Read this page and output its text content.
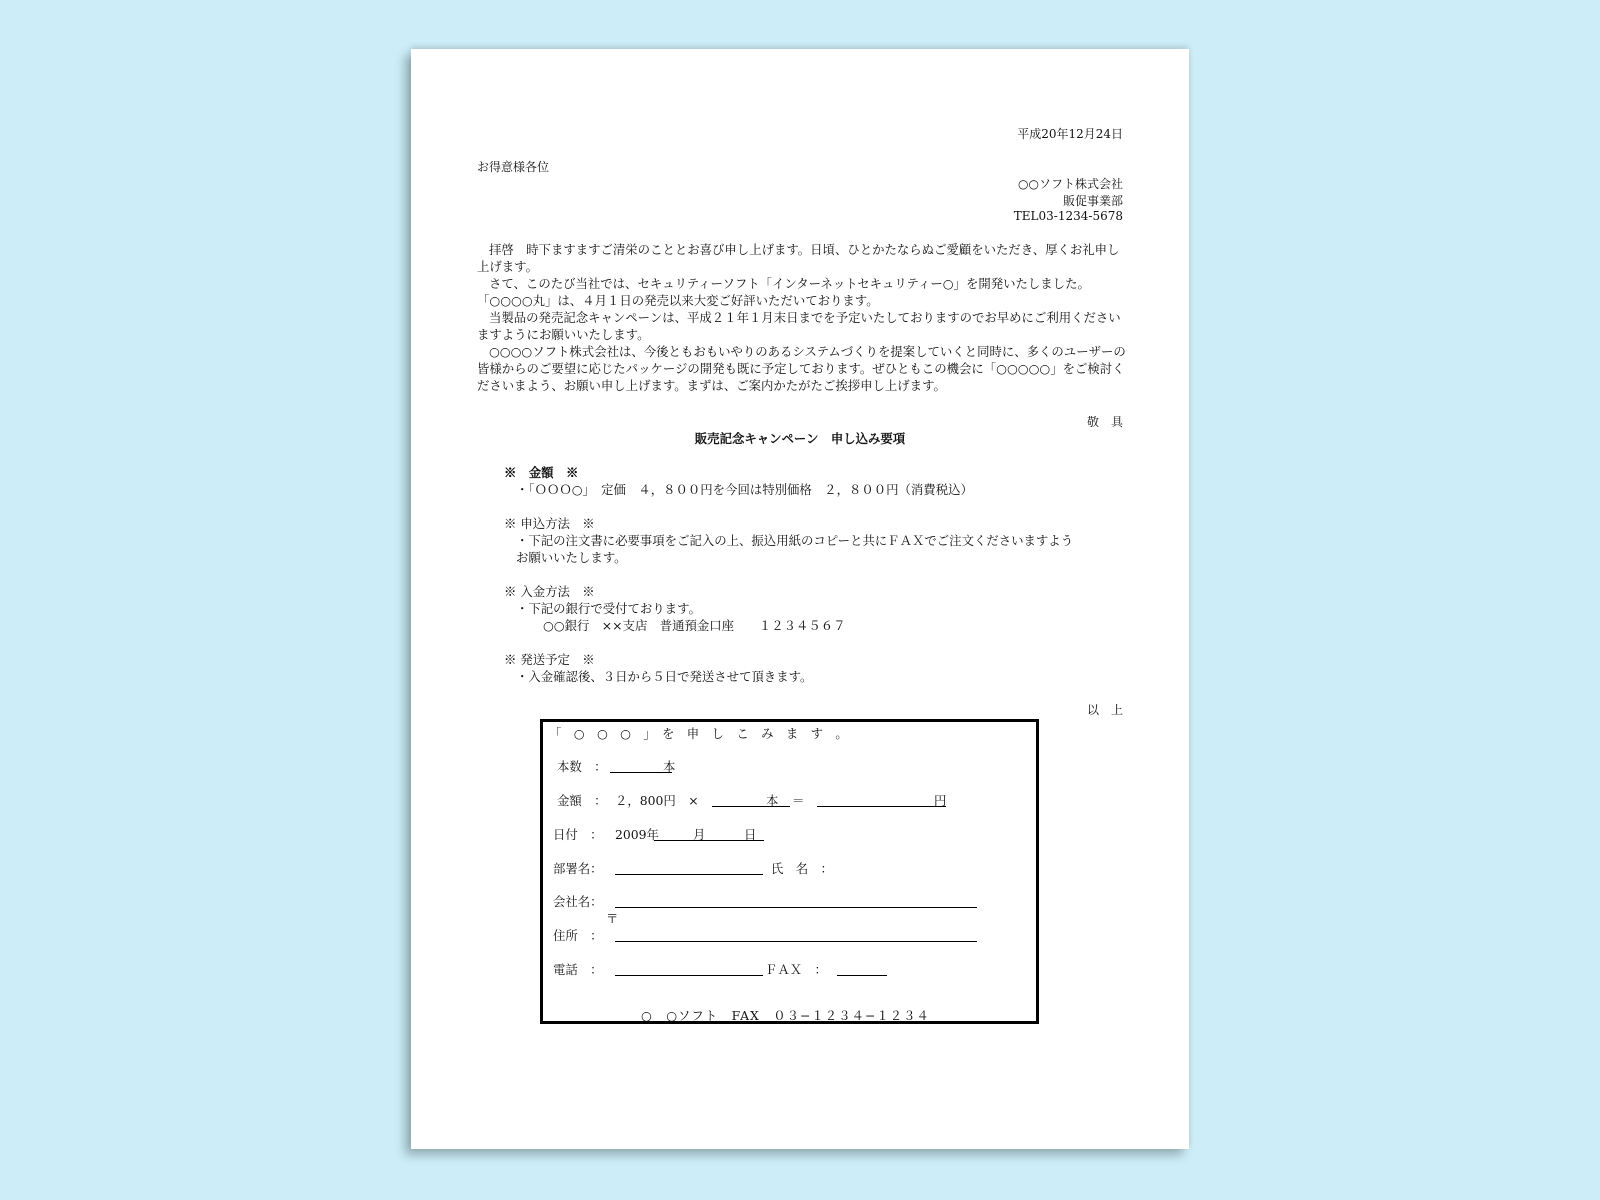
平成20年12月24日
お得意様各位
○○ソフト株式会社
販促事業部
TEL03-1234-5678

拝啓　時下ますますご清栄のこととお喜び申し上げます。日頃、ひとかたならぬご愛顧をいただき、厚くお礼申し上げます。

さて、このたび当社では、セキュリティーソフト「インターネットセキュリティー○」を開発いたしました。「○○○○丸」は、４月１日の発売以来大変ご好評いただいております。

当製品の発売記念キャンペーンは、平成２１年１月末日までを予定いたしておりますのでお早めにご利用くださいますようにお願いいたします。

○○○○ソフト株式会社は、今後ともおもいやりのあるシステムづくりを提案していくと同時に、多くのユーザーの皆様からのご要望に応じたパッケージの開発も既に予定しております。ぜひともこの機会に「○○○○○」をご検討くださいまよう、お願い申し上げます。まずは、ご案内かたがたご挨拶申し上げます。

敬　具
販売記念キャンペーン　申し込み要項
※　金額　※
・「ＯＯＯ○」　定価　４，８００円を今回は特別価格　２，８００円（消費税込）
※ 申込方法　※
・下記の注文書に必要事項をご記入の上、振込用紙のコピーと共にＦＡＸでご注文くださいますよう
お願いいたします。
※ 入金方法　※
・下記の銀行で受付ております。
○○銀行　××支店　普通預金口座　　１２３４５６７
※ 発送予定　※
・入金確認後、３日から５日で発送させて頂きます。
以　上
「　○　○　○　」　を　申　し　こ　み　ま　す　。
本数　：	本
金額　： ２，800円　×	本 ＝	円
日付　： 2009年	月	日
部署名：	氏　名　：
会社名：
〒
住所　：
電話　：	ＦＡＸ　：
○　○ソフト　FAX　０３−１２３４−１２３４
